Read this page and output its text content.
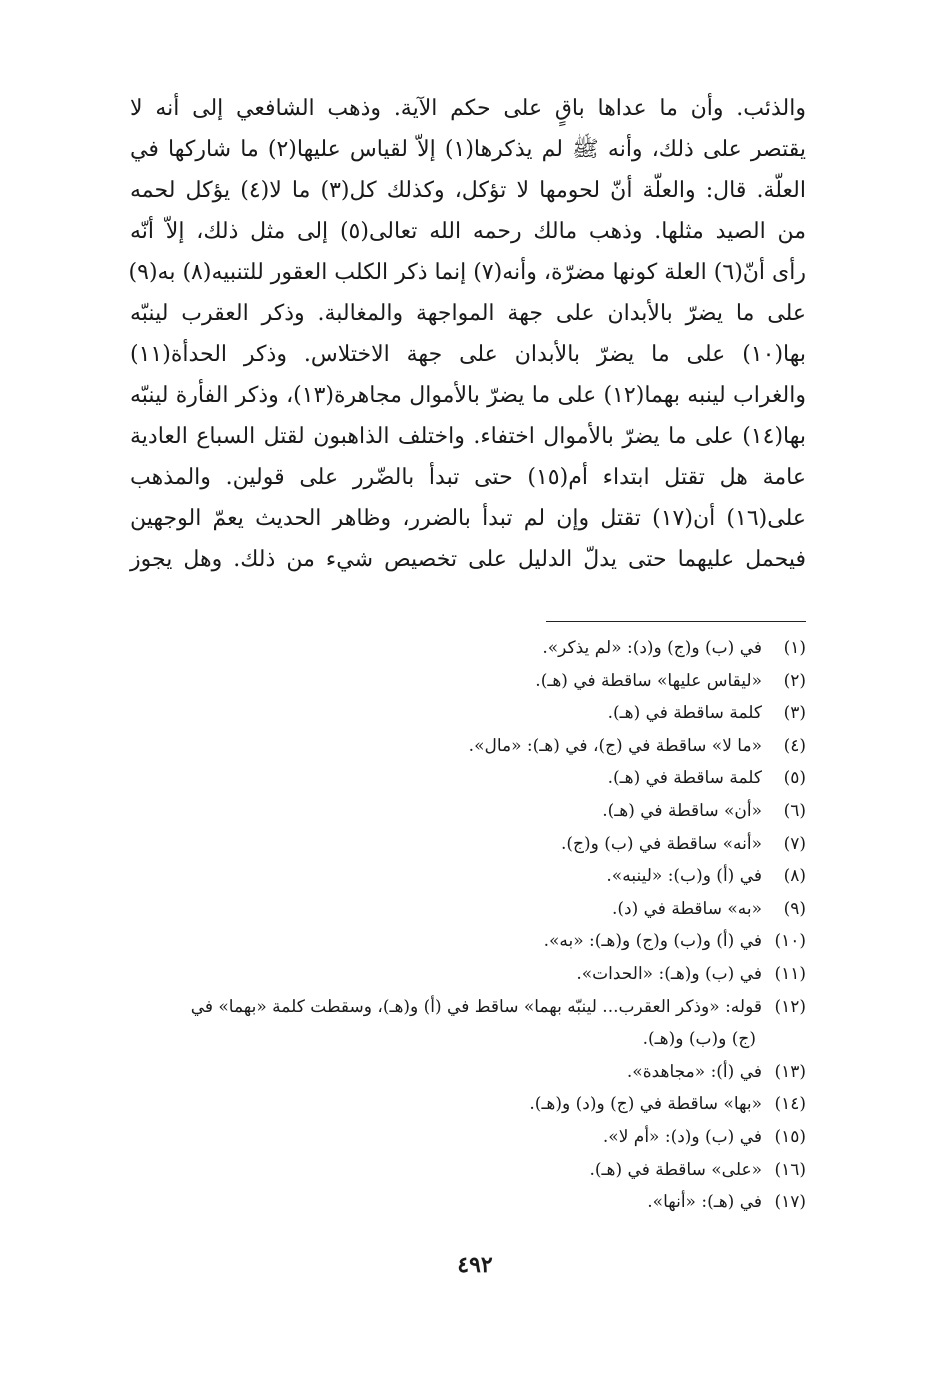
والذئب. وأن ما عداها باقٍ على حكم الآية. وذهب الشافعي إلى أنه لا
يقتصر على ذلك، وأنه ﷺ لم يذكرها(١) إلاّ لقياس عليها(٢) ما شاركها في
العلّة. قال: والعلّة أنّ لحومها لا تؤكل، وكذلك كل(٣) ما لا(٤) يؤكل لحمه
من الصيد مثلها. وذهب مالك رحمه الله تعالى(٥) إلى مثل ذلك، إلاّ أنّه
رأى أنّ(٦) العلة كونها مضرّة، وأنه(٧) إنما ذكر الكلب العقور للتنبيه(٨) به(٩)
على ما يضرّ بالأبدان على جهة المواجهة والمغالبة. وذكر العقرب لينبّه
بها(١٠) على ما يضرّ بالأبدان على جهة الاختلاس. وذكر الحدأة(١١)
والغراب لينبه بهما(١٢) على ما يضرّ بالأموال مجاهرة(١٣)، وذكر الفأرة لينبّه
بها(١٤) على ما يضرّ بالأموال اختفاء. واختلف الذاهبون لقتل السباع العادية
عامة هل تقتل ابتداء أم(١٥) حتى تبدأ بالضّرر على قولين. والمذهب
على(١٦) أن(١٧) تقتل وإن لم تبدأ بالضرر، وظاهر الحديث يعمّ الوجهين
فيحمل عليهما حتى يدلّ الدليل على تخصيص شيء من ذلك. وهل يجوز
(١)في (ب) و(ج) و(د): «لم يذكر».
(٢)«ليقاس عليها» ساقطة في (هـ).
(٣)كلمة ساقطة في (هـ).
(٤)«ما لا» ساقطة في (ج)، في (هـ): «مال».
(٥)كلمة ساقطة في (هـ).
(٦)«أن» ساقطة في (هـ).
(٧)«أنه» ساقطة في (ب) و(ج).
(٨)في (أ) و(ب): «لينبه».
(٩)«به» ساقطة في (د).
(١٠)في (أ) و(ب) و(ج) و(هـ): «به».
(١١)في (ب) و(هـ): «الحدات».
(١٢)قوله: «وذكر العقرب... لينبّه بهما» ساقط في (أ) و(هـ)، وسقطت كلمة «بهما» في
(ج) و(ب) و(هـ).
(١٣)في (أ): «مجاهدة».
(١٤)«بها» ساقطة في (ج) و(د) و(هـ).
(١٥)في (ب) و(د): «أم لا».
(١٦)«على» ساقطة في (هـ).
(١٧)في (هـ): «أنها».
٤٩٢
